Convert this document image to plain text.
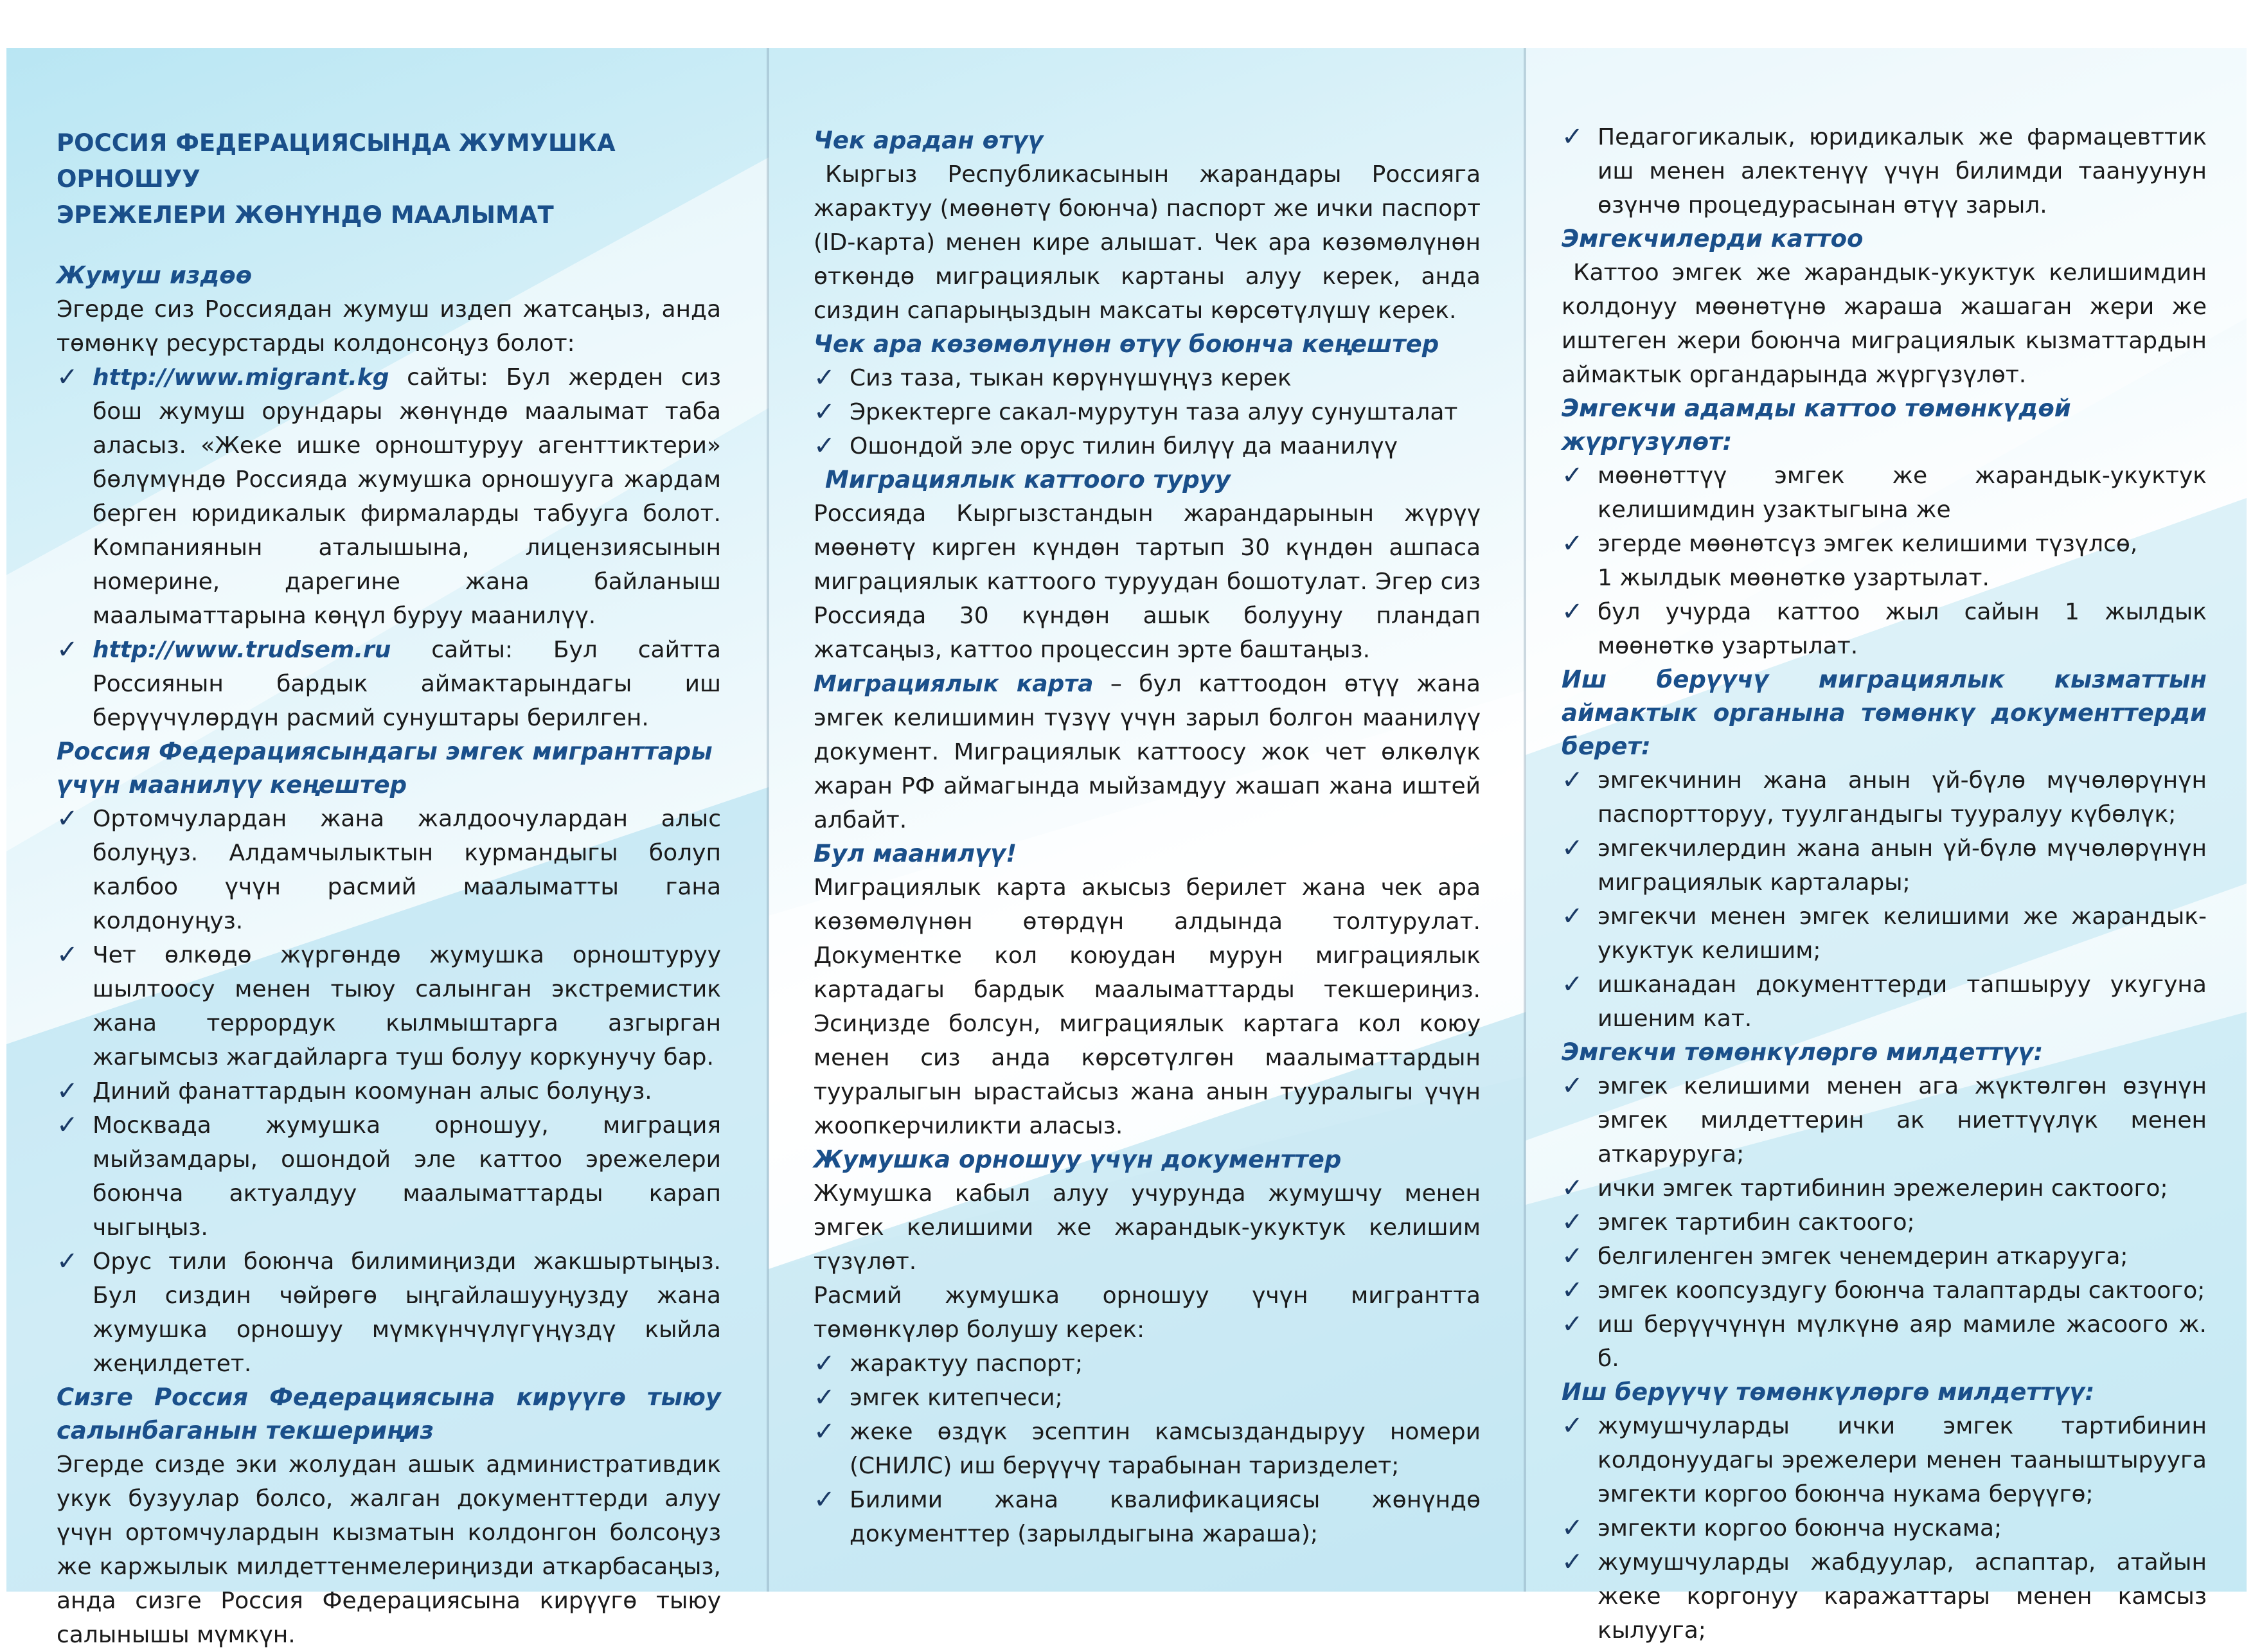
РОССИЯ ФЕДЕРАЦИЯСЫНДА ЖУМУШКА ОРНОШУУ
ЭРЕЖЕЛЕРИ ЖӨНҮНДӨ МААЛЫМАТ

Жумуш издөө

Эгерде сиз Россиядан жумуш издеп жатсаңыз, анда төмөнкү ресурстарды колдонсоңуз болот:

✓ http://www.migrant.kg сайты: Бул жерден сиз бош жумуш орундары жөнүндө маалымат таба аласыз. «Жеке ишке орноштуруу агенттиктери» бөлүмүндө Россияда жумушка орношууга жардам берген юридикалык фирмаларды табууга болот. Компаниянын аталышына, лицензиясынын номерине, дарегине жана байланыш маалыматтарына көңүл буруу маанилүү.
✓ http://www.trudsem.ru сайты: Бул сайтта Россиянын бардык аймактарындагы иш берүүчүлөрдүн расмий сунуштары берилген.

Россия Федерациясындагы эмгек мигранттары үчүн маанилүү кеңештер

✓ Ортомчулардан жана жалдоочулардан алыс болуңуз. Алдамчылыктын курмандыгы болуп калбоо үчүн расмий маалыматты гана колдонуңуз.
✓ Чет өлкөдө жүргөндө жумушка орноштуруу шылтоосу менен тыюу салынган экстремистик жана террордук кылмыштарга азгырган жагымсыз жагдайларга туш болуу коркунучу бар.
✓ Диний фанаттардын коомунан алыс болуңуз.
✓ Москвада жумушка орношуу, миграция мыйзамдары, ошондой эле каттоо эрежелери боюнча актуалдуу маалыматтарды карап чыгыңыз.
✓ Орус тили боюнча билимиңизди жакшыртыңыз. Бул сиздин чөйрөгө ыңгайлашууңузду жана жумушка орношуу мүмкүнчүлүгүңүздү кыйла жеңилдетет.

Сизге Россия Федерациясына кирүүгө тыюу салынбаганын текшериңиз

Эгерде сизде эки жолудан ашык административдик укук бузуулар болсо, жалган документтерди алуу үчүн ортомчулардын кызматын колдонгон болсоңуз же каржылык милдеттенмелериңизди аткарбасаңыз, анда сизге Россия Федерациясына кирүүгө тыюу салынышы мүмкүн.

Чек арадан өтүү

Кыргыз Республикасынын жарандары Россияга жарактуу (мөөнөтү боюнча) паспорт же ички паспорт (ID-карта) менен кире алышат. Чек ара көзөмөлүнөн өткөндө миграциялык картаны алуу керек, анда сиздин сапарыңыздын максаты көрсөтүлүшү керек.

Чек ара көзөмөлүнөн өтүү боюнча кеңештер

✓ Сиз таза, тыкан көрүнүшүңүз керек
✓ Эркектерге сакал-мурутун таза алуу сунушталат
✓ Ошондой эле орус тилин билүү да маанилүү

Миграциялык каттоого туруу

Россияда Кыргызстандын жарандарынын жүрүү мөөнөтү кирген күндөн тартып 30 күндөн ашпаса миграциялык каттоого туруудан бошотулат. Эгер сиз Россияда 30 күндөн ашык болууну пландап жатсаңыз, каттоо процессин эрте баштаңыз.

Миграциялык карта – бул каттоодон өтүү жана эмгек келишимин түзүү үчүн зарыл болгон маанилүү документ. Миграциялык каттоосу жок чет өлкөлүк жаран РФ аймагында мыйзамдуу жашап жана иштей албайт.

Бул маанилүү!

Миграциялык карта акысыз берилет жана чек ара көзөмөлүнөн өтөрдүн алдында толтурулат. Документке кол коюудан мурун миграциялык картадагы бардык маалыматтарды текшериңиз. Эсиңизде болсун, миграциялык картага кол коюу менен сиз анда көрсөтүлгөн маалыматтардын тууралыгын ырастайсыз жана анын тууралыгы үчүн жоопкерчиликти аласыз.

Жумушка орношуу үчүн документтер

Жумушка кабыл алуу учурунда жумушчу менен эмгек келишими же жарандык-укуктук келишим түзүлөт.

Расмий жумушка орношуу үчүн мигрантта төмөнкүлөр болушу керек:

✓ жарактуу паспорт;
✓ эмгек китепчеси;
✓ жеке өздүк эсептин камсыздандыруу номери (СНИЛС) иш берүүчү тарабынан таризделет;
✓ Билими жана квалификациясы жөнүндө документтер (зарылдыгына жараша);
✓ Педагогикалык, юридикалык же фармацевттик иш менен алектенүү үчүн билимди таануунун өзүнчө процедурасынан өтүү зарыл.

Эмгекчилерди каттоо

Каттоо эмгек же жарандык-укуктук келишимдин колдонуу мөөнөтүнө жараша жашаган жери же иштеген жери боюнча миграциялык кызматтардын аймактык органдарында жүргүзүлөт.

Эмгекчи адамды каттоо төмөнкүдөй жүргүзүлөт:

✓ мөөнөттүү эмгек же жарандык-укуктук келишимдин узактыгына же
✓ эгерде мөөнөтсүз эмгек келишими түзүлсө,
1 жылдык мөөнөткө узартылат.
✓ бул учурда каттоо жыл сайын 1 жылдык мөөнөткө узартылат.

Иш берүүчү миграциялык кызматтын аймактык органына төмөнкү документтерди берет:

✓ эмгекчинин жана анын үй-бүлө мүчөлөрүнүн паспортторуу, туулгандыгы тууралуу күбөлүк;
✓ эмгекчилердин жана анын үй-бүлө мүчөлөрүнүн миграциялык карталары;
✓ эмгекчи менен эмгек келишими же жарандык-укуктук келишим;
✓ ишканадан документтерди тапшыруу укугуна ишеним кат.

Эмгекчи төмөнкүлөргө милдеттүү:

✓ эмгек келишими менен ага жүктөлгөн өзүнүн эмгек милдеттерин ак ниеттүүлүк менен аткаруруга;
✓ ички эмгек тартибинин эрежелерин сактоого;
✓ эмгек тартибин сактоого;
✓ белгиленген эмгек ченемдерин аткарууга;
✓ эмгек коопсуздугу боюнча талаптарды сактоого;
✓ иш берүүчүнүн мүлкүнө аяр мамиле жасоого ж. б.

Иш берүүчү төмөнкүлөргө милдеттүү:

✓ жумушчуларды ички эмгек тартибинин колдонуудагы эрежелери менен тааныштырууга эмгекти коргоо боюнча нукама берүүгө;
✓ эмгекти коргоо боюнча нускама;
✓ жумушчуларды жабдуулар, аспаптар, атайын жеке коргонуу каражаттары менен камсыз кылууга;
